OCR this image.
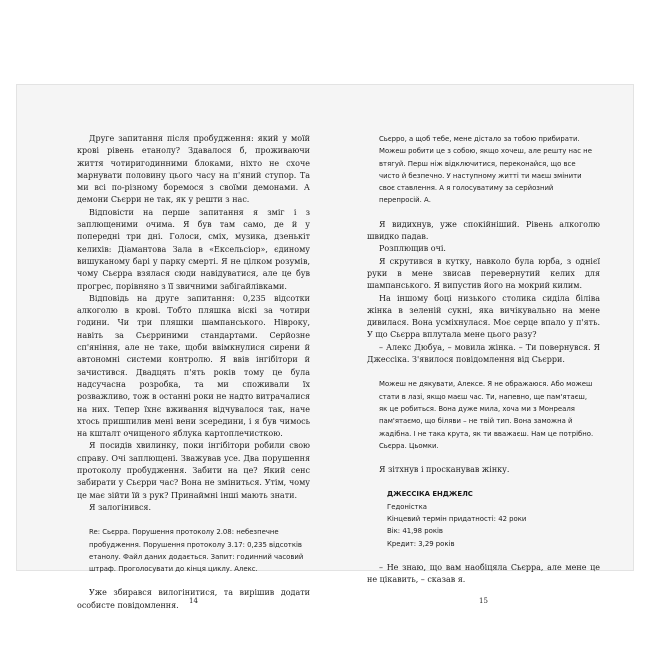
Друге запитання після пробудження: який у моїй крові рівень етанолу? Здавалося б, проживаючи життя чотиригодинними блоками, ніхто не схоче марнувати половину цього часу на п'яний ступор. Та ми всі по-різному боремося з своїми демонами. А демони Сьєрри не так, як у решти з нас.

Відповісти на перше запитання я зміг і з заплющеними очима. Я був там само, де й у попередні три дні. Голоси, сміх, музика, дзенькіт келихів: Діамантова Зала в «Ексельсіор», єдиному вишуканому барі у парку смерті. Я не цілком розумів, чому Сьєрра взялася сюди навідуватися, але це був прогрес, порівняно з її звичними забігайлівками.

Відповідь на друге запитання: 0,235 відсотки алкоголю в крові. Тобто пляшка віскі за чотири години. Чи три пляшки шампанського. Нівроку, навіть за Сьєрриними стандартами. Серйозне сп'яніння, але не таке, щоби ввімкнулися сирени й автономні системи контролю. Я ввів інгібітори й зачистився. Двадцять п'ять років тому це була надсучасна розробка, та ми споживали їх розважливо, тож в останні роки не надто витрачалися на них. Тепер їхнє вживання відчувалося так, наче хтось пришпилив мені вени зсередини, і я був чимось на кшталт очищеного яблука картоплечисткою.

Я посидів хвилинку, поки інгібітори робили свою справу. Очі заплющені. Зважував усе. Два порушення протоколу пробудження. Забити на це? Який сенс забирати у Сьєрри час? Вона не зміниться. Утім, чому це має зійти їй з рук? Принаймні інші мають знати.

Я залогінився.

Re: Сьєрра. Порушення протоколу 2.08: небезпечне пробудження. Порушення протоколу 3.17: 0,235 відсотків етанолу. Файл даних додається. Запит: годинний часовий штраф. Проголосувати до кінця циклу. Алекс.

Уже збирався вилогінитися, та вирішив додати особисте повідомлення.

Сьєрро, а щоб тебе, мене дістало за тобою прибирати. Можеш робити це з собою, якщо хочеш, але решту нас не втягуй. Перш ніж відключитися, переконайся, що все чисто й безпечно. У наступному житті ти маєш змінити своє ставлення. А я голосуватиму за серйозний перепросій. А.

Я видихнув, уже спокійніший. Рівень алкоголю швидко падав.

Розплющив очі.

Я скрутився в кутку, навколо була юрба, з однієї руки в мене звисав перевернутий келих для шампанського. Я випустив його на мокрий килим.

На іншому боці низького столика сиділа біліва жінка в зеленій сукні, яка вичікувально на мене дивилася. Вона усміхнулася. Моє серце впало у п'ять. У що Сьєрра вплутала мене цього разу?

– Алекс Дюбуа, – мовила жінка. – Ти повернувся. Я Джессіка. З'явилося повідомлення від Сьєрри.

Можеш не дякувати, Алексе. Я не ображаюся. Або можеш стати в лазі, якщо маєш час. Ти, напевно, ще пам'ятаєш, як це робиться. Вона дуже мила, хоча ми з Монреаля пам'ятаємо, що біляви – не твій тип. Вона заможна й жадібна. І не така крута, як ти вважаєш. Нам це потрібно. Сьєрра. Цьомки.

Я зітхнув і просканував жінку.

ДЖЕССІКА ЕНДЖЕЛС

Гедоністка

Кінцевий термін придатності: 42 роки

Вік: 41,98 років

Кредит: 3,29 років

– Не знаю, що вам наобіцяла Сьєрра, але мене це не цікавить, – сказав я.

14	15
